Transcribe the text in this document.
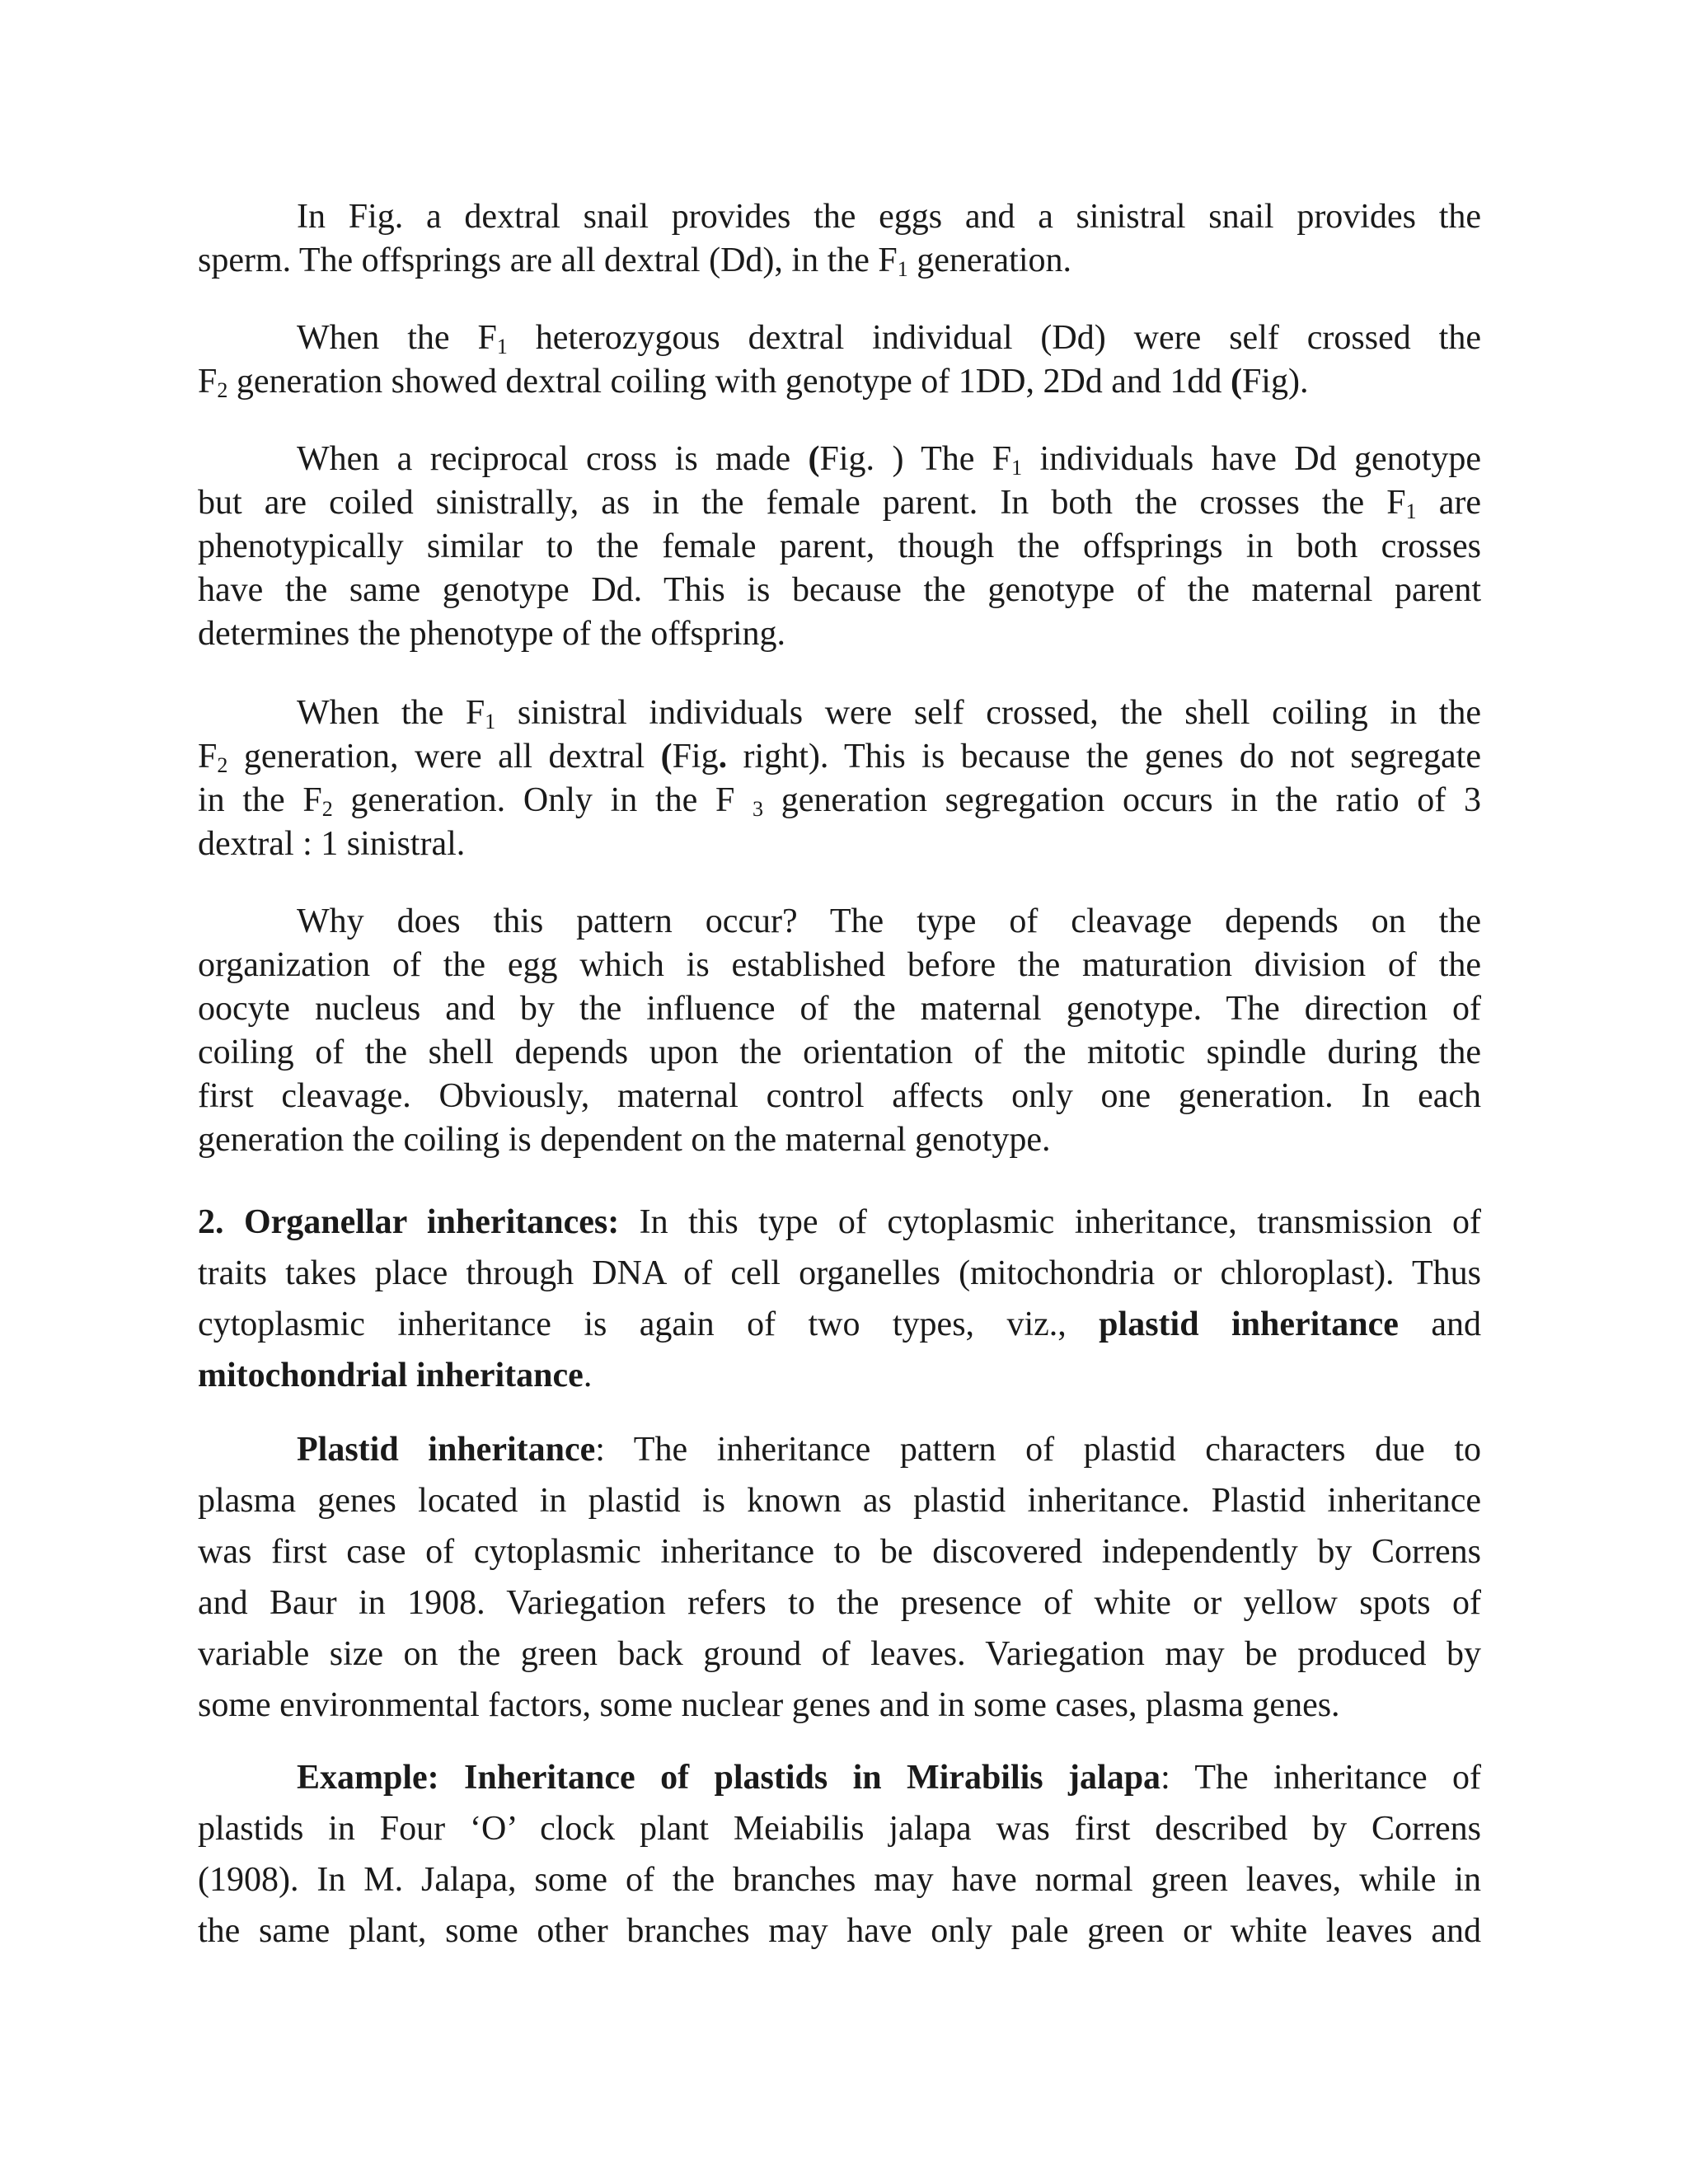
In Fig. a dextral snail provides the eggs and a sinistral snail provides the
sperm. The offsprings are all dextral (Dd), in the $F_1$ generation.
When the $F_1$ heterozygous dextral individual (Dd) were self crossed the
$F_2$ generation showed dextral coiling with genotype of 1DD, 2Dd and 1dd (Fig).
When a reciprocal cross is made (Fig. ) The $F_1$ individuals have Dd genotype
but are coiled sinistrally, as in the female parent. In both the crosses the $F_1$ are
phenotypically similar to the female parent, though the offsprings in both crosses
have the same genotype Dd. This is because the genotype of the maternal parent
determines the phenotype of the offspring.
When the $F_1$ sinistral individuals were self crossed, the shell coiling in the
$F_2$ generation, were all dextral (Fig. right). This is because the genes do not segregate
in the $F_2$ generation. Only in the F $_3$ generation segregation occurs in the ratio of 3
dextral : 1 sinistral.
Why does this pattern occur? The type of cleavage depends on the
organization of the egg which is established before the maturation division of the
oocyte nucleus and by the influence of the maternal genotype. The direction of
coiling of the shell depends upon the orientation of the mitotic spindle during the
first cleavage. Obviously, maternal control affects only one generation. In each
generation the coiling is dependent on the maternal genotype.
2. Organellar inheritances: In this type of cytoplasmic inheritance, transmission of
traits takes place through DNA of cell organelles (mitochondria or chloroplast). Thus
cytoplasmic inheritance is again of two types, viz., plastid inheritance and
mitochondrial inheritance.
Plastid inheritance: The inheritance pattern of plastid characters due to
plasma genes located in plastid is known as plastid inheritance. Plastid inheritance
was first case of cytoplasmic inheritance to be discovered independently by Correns
and Baur in 1908. Variegation refers to the presence of white or yellow spots of
variable size on the green back ground of leaves. Variegation may be produced by
some environmental factors, some nuclear genes and in some cases, plasma genes.
Example: Inheritance of plastids in Mirabilis jalapa: The inheritance of
plastids in Four ‘O’ clock plant Meiabilis jalapa was first described by Correns
(1908). In M. Jalapa, some of the branches may have normal green leaves, while in
the same plant, some other branches may have only pale green or white leaves and
